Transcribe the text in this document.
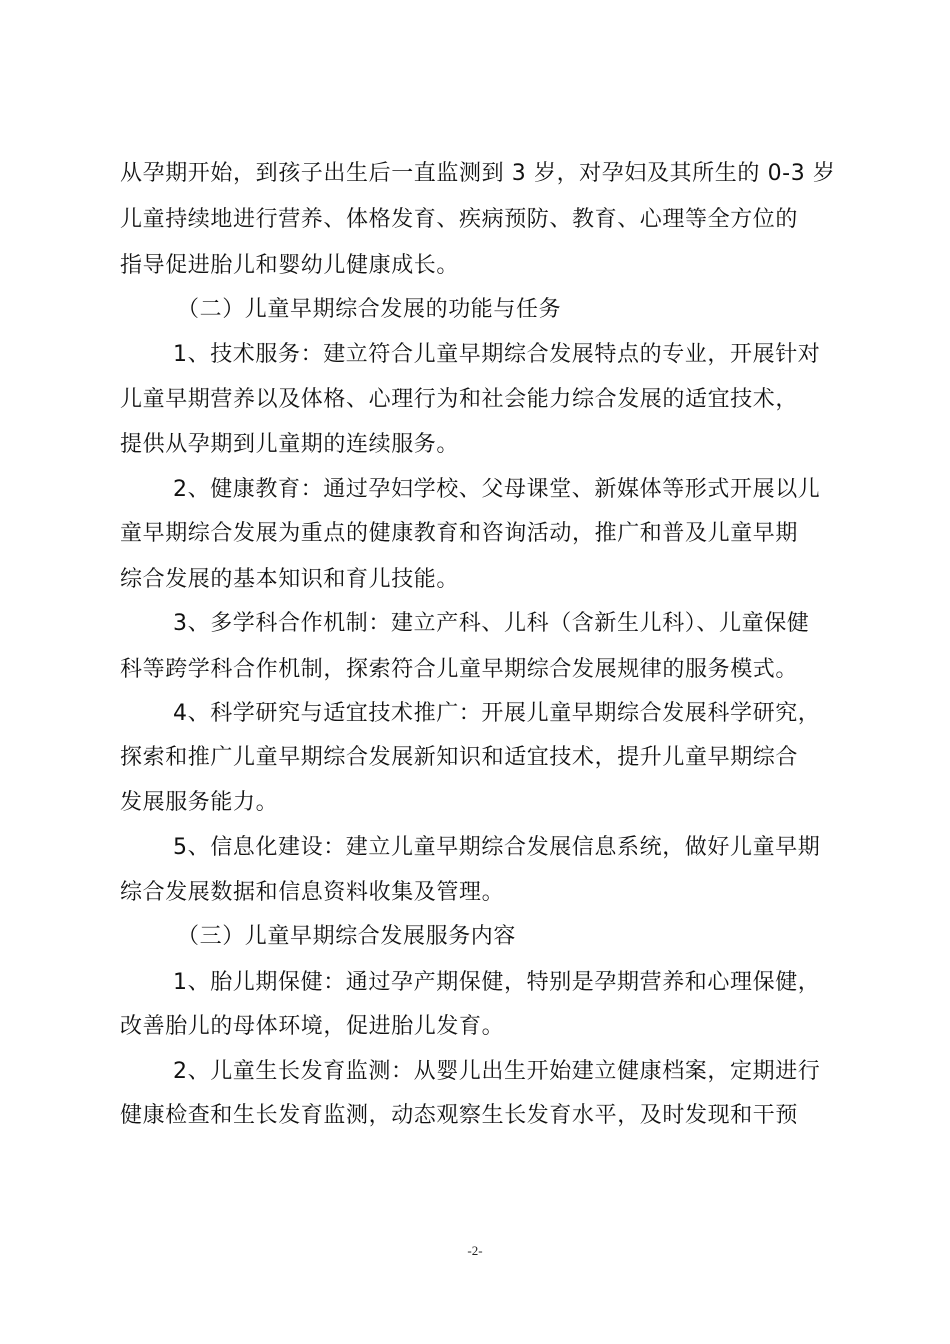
从孕期开始，到孩子出生后一直监测到 3 岁，对孕妇及其所生的 0-3 岁
儿童持续地进行营养、体格发育、疾病预防、教育、心理等全方位的
指导促进胎儿和婴幼儿健康成长。
（二）儿童早期综合发展的功能与任务
1、技术服务：建立符合儿童早期综合发展特点的专业，开展针对
儿童早期营养以及体格、心理行为和社会能力综合发展的适宜技术，
提供从孕期到儿童期的连续服务。
2、健康教育：通过孕妇学校、父母课堂、新媒体等形式开展以儿
童早期综合发展为重点的健康教育和咨询活动，推广和普及儿童早期
综合发展的基本知识和育儿技能。
3、多学科合作机制：建立产科、儿科（含新生儿科）、儿童保健
科等跨学科合作机制，探索符合儿童早期综合发展规律的服务模式。
4、科学研究与适宜技术推广：开展儿童早期综合发展科学研究，
探索和推广儿童早期综合发展新知识和适宜技术，提升儿童早期综合
发展服务能力。
5、信息化建设：建立儿童早期综合发展信息系统，做好儿童早期
综合发展数据和信息资料收集及管理。
（三）儿童早期综合发展服务内容
1、胎儿期保健：通过孕产期保健，特别是孕期营养和心理保健，
改善胎儿的母体环境，促进胎儿发育。
2、儿童生长发育监测：从婴儿出生开始建立健康档案，定期进行
健康检查和生长发育监测，动态观察生长发育水平，及时发现和干预
-2-
